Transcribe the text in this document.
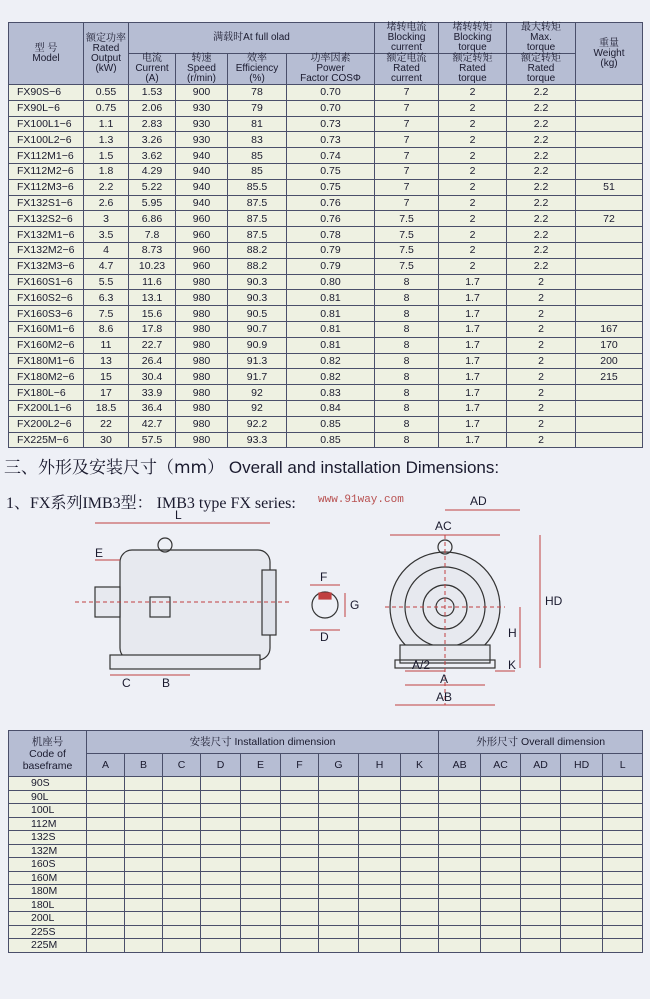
型 号
Model	额定功率
Rated
Output
(kW)	满载时At full olad				堵转电流
Blocking
current	堵转转矩
Blocking
torque	最大转矩
Max.
torque	重量
Weight
(kg)
		电流
Current
(A)	转速
Speed
(r/min)	效率
Efficiency
(%)	功率因素
Power
Factor COSΦ	额定电流
Rated
current	额定转矩
Rated
torque	额定转矩
Rated
torque	
FX90S−6	0.55	1.53	900	78	0.70	7	2	2.2	
FX90L−6	0.75	2.06	930	79	0.70	7	2	2.2	
FX100L1−6	1.1	2.83	930	81	0.73	7	2	2.2	
FX100L2−6	1.3	3.26	930	83	0.73	7	2	2.2	
FX112M1−6	1.5	3.62	940	85	0.74	7	2	2.2	
FX112M2−6	1.8	4.29	940	85	0.75	7	2	2.2	
FX112M3−6	2.2	5.22	940	85.5	0.75	7	2	2.2	51
FX132S1−6	2.6	5.95	940	87.5	0.76	7	2	2.2	
FX132S2−6	3	6.86	960	87.5	0.76	7.5	2	2.2	72
FX132M1−6	3.5	7.8	960	87.5	0.78	7.5	2	2.2	
FX132M2−6	4	8.73	960	88.2	0.79	7.5	2	2.2	
FX132M3−6	4.7	10.23	960	88.2	0.79	7.5	2	2.2	
FX160S1−6	5.5	11.6	980	90.3	0.80	8	1.7	2	
FX160S2−6	6.3	13.1	980	90.3	0.81	8	1.7	2	
FX160S3−6	7.5	15.6	980	90.5	0.81	8	1.7	2	
FX160M1−6	8.6	17.8	980	90.7	0.81	8	1.7	2	167
FX160M2−6	11	22.7	980	90.9	0.81	8	1.7	2	170
FX180M1−6	13	26.4	980	91.3	0.82	8	1.7	2	200
FX180M2−6	15	30.4	980	91.7	0.82	8	1.7	2	215
FX180L−6	17	33.9	980	92	0.83	8	1.7	2	
FX200L1−6	18.5	36.4	980	92	0.84	8	1.7	2	
FX200L2−6	22	42.7	980	92.2	0.85	8	1.7	2	
FX225M−6	30	57.5	980	93.3	0.85	8	1.7	2	
三、外形及安装尺寸（mm） Overall and installation Dimensions:
1、FX系列IMB3型： IMB3 type FX series: www.91way.com
L
E
C	B
F
G
D
AD
AC
HD
H
A/2	K
A
AB
机座号
Code of
baseframe	安装尺寸 Installation dimension									外形尺寸 Overall dimension				
	A	B	C	D	E	F	G	H	K	AB	AC	AD	HD	L
90S														
90L														
100L														
112M														
132S														
132M														
160S														
160M														
180M														
180L														
200L														
225S														
225M														
